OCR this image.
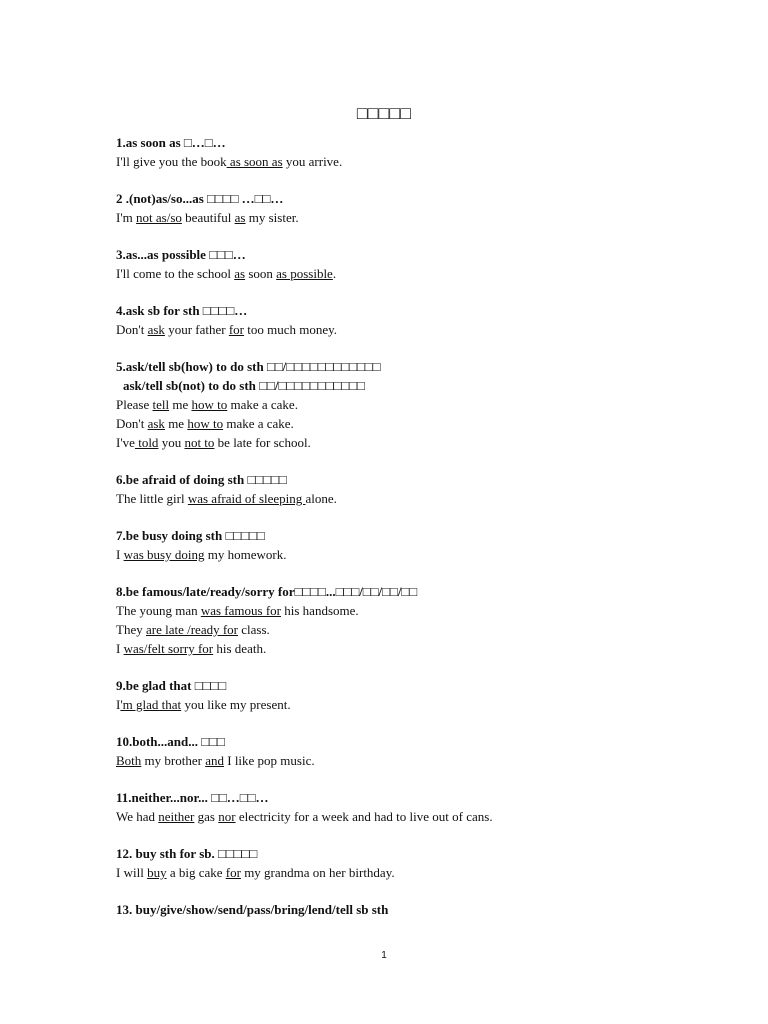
□□□□□
1.as soon as □…□…
I'll give you the book as soon as you arrive.
2 .(not)as/so...as □□□□ …□□…
I'm not as/so beautiful as my sister.
3.as...as possible □□□…
I'll come to the school as soon as possible.
4.ask sb for sth □□□□…
Don't ask your father for too much money.
5.ask/tell sb(how) to do sth □□/□□□□□□□□□□□□
ask/tell sb(not) to do sth □□/□□□□□□□□□□□
Please tell me how to make a cake.
Don't ask me how to make a cake.
I've told you not to be late for school.
6.be afraid of doing sth □□□□□
The little girl was afraid of sleeping alone.
7.be busy doing sth □□□□□
I was busy doing my homework.
8.be famous/late/ready/sorry for□□□□...□□□/□□/□□/□□
The young man was famous for his handsome.
They are late /ready for class.
I was/felt sorry for his death.
9.be glad that □□□□
I'm glad that you like my present.
10.both...and... □□□
Both my brother and I like pop music.
11.neither...nor... □□…□□…
We had neither gas nor electricity for a week and had to live out of cans.
12. buy sth for sb. □□□□□
I will buy a big cake for my grandma on her birthday.
13. buy/give/show/send/pass/bring/lend/tell sb sth
1
